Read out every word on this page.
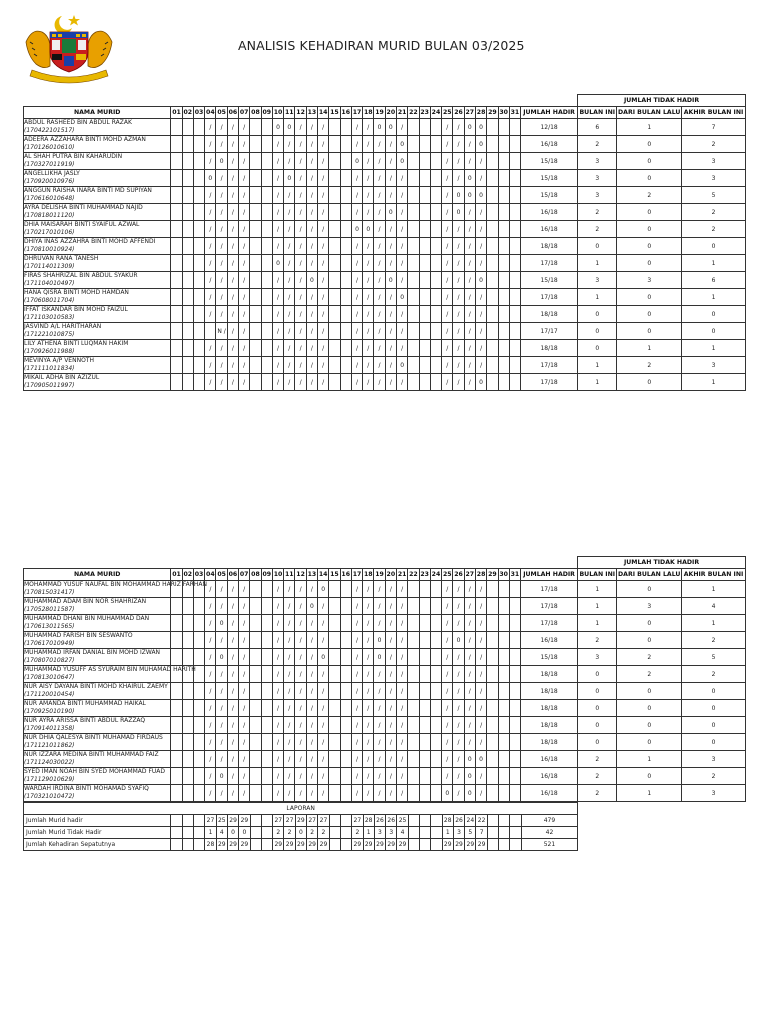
ANALISIS KEHADIRAN MURID BULAN 03/2025
																																	JUMLAH TIDAK HADIR		
NAMA MURID	01	02	03	04	05	06	07	08	09	10	11	12	13	14	15	16	17	18	19	20	21	22	23	24	25	26	27	28	29	30	31	JUMLAH HADIR	BULAN INI	DARI BULAN LALU	AKHIR BULAN INI

ABDUL RASHEED BIN ABDUL RAZAK
(170422101517)				/	/	/	/			0	0	/	/	/			/	/	0	0	/				/	/	0	0				12/18	6	1	7

ADEERA AZZAHARA BINTI MOHD AZMAN
(170126010610)				/	/	/	/			/	/	/	/	/			/	/	/	/	0				/	/	/	0				16/18	2	0	2

AL SHAH PUTRA BIN KAHARUDIN
(170327011919)				/	0	/	/			/	/	/	/	/			0	/	/	/	0				/	/	/	/				15/18	3	0	3

ANGELLIKHA JASLY
(170920010976)				0	/	/	/			/	0	/	/	/			/	/	/	/	/				/	/	0	/				15/18	3	0	3

ANGGUN RAISHA INARA BINTI MD SUPIYAN
(170616010648)				/	/	/	/			/	/	/	/	/			/	/	/	/	/				/	0	0	0				15/18	3	2	5

AYRA DELISHA BINTI MUHAMMAD NAJID
(170818011120)				/	/	/	/			/	/	/	/	/			/	/	/	0	/				/	0	/	/				16/18	2	0	2

DHIA MAISARAH BINTI SYAIFUL AZWAL
(170217010106)				/	/	/	/			/	/	/	/	/			0	0	/	/	/				/	/	/	/				16/18	2	0	2

DHIYA INAS AZZAHRA BINTI MOHD AFFENDI
(170810010924)				/	/	/	/			/	/	/	/	/			/	/	/	/	/				/	/	/	/				18/18	0	0	0

DHRUVAN RANA TANESH
(170114011309)				/	/	/	/			0	/	/	/	/			/	/	/	/	/				/	/	/	/				17/18	1	0	1

FIRAS SHAHRIZAL BIN ABDUL SYAKUR
(171104010497)				/	/	/	/			/	/	/	0	/			/	/	/	0	/				/	/	/	0				15/18	3	3	6

HANA QISRA BINTI MOHD HAMDAN
(170608011704)				/	/	/	/			/	/	/	/	/			/	/	/	/	0				/	/	/	/				17/18	1	0	1

IFFAT ISKANDAR BIN MOHD FAIZUL
(171103010583)				/	/	/	/			/	/	/	/	/			/	/	/	/	/				/	/	/	/				18/18	0	0	0

JASVIND A/L HARITHARAN
(171221010875)					N /	/	/			/	/	/	/	/			/	/	/	/	/				/	/	/	/				17/17	0	0	0

LILY ATHENA BINTI LUQMAN HAKIM
(170926011988)				/	/	/	/			/	/	/	/	/			/	/	/	/	/				/	/	/	/				18/18	0	1	1

MEVINYA A/P VENNOTH
(171111011834)				/	/	/	/			/	/	/	/	/			/	/	/	/	0				/	/	/	/				17/18	1	2	3

MIKAIL ADHA BIN AZIZUL
(170905011997)				/	/	/	/			/	/	/	/	/			/	/	/	/	/				/	/	/	0				17/18	1	0	1
																																	JUMLAH TIDAK HADIR		
NAMA MURID	01	02	03	04	05	06	07	08	09	10	11	12	13	14	15	16	17	18	19	20	21	22	23	24	25	26	27	28	29	30	31	JUMLAH HADIR	BULAN INI	DARI BULAN LALU	AKHIR BULAN INI

MOHAMMAD YUSUF NAUFAL BIN MOHAMMAD HARIZ FARHAN
(170815031417)				/	/	/	/			/	/	/	/	0			/	/	/	/	/				/	/	/	/				17/18	1	0	1

MUHAMMAD ADAM BIN NOR SHAHRIZAN
(170528011587)				/	/	/	/			/	/	/	0	/			/	/	/	/	/				/	/	/	/				17/18	1	3	4

MUHAMMAD DHANI BIN MUHAMMAD DAN
(170613011565)				/	0	/	/			/	/	/	/	/			/	/	/	/	/				/	/	/	/				17/18	1	0	1

MUHAMMAD FARISH BIN SESWANTO
(170617010949)				/	/	/	/			/	/	/	/	/			/	/	0	/	/				/	0	/	/				16/18	2	0	2

MUHAMMAD IRFAN DANIAL BIN MOHD IZWAN
(170807010827)				/	0	/	/			/	/	/	/	0			/	/	0	/	/				/	/	/	/				15/18	3	2	5

MUHAMMAD YUSUFF AS SYURAIM BIN MUHAMAD HARITH
(170813010647)				/	/	/	/			/	/	/	/	/			/	/	/	/	/				/	/	/	/				18/18	0	2	2

NUR AISY DAYANA BINTI MOHD KHAIRUL ZAEMY
(171120010454)				/	/	/	/			/	/	/	/	/			/	/	/	/	/				/	/	/	/				18/18	0	0	0

NUR AMANDA BINTI MUHAMMAD HAIKAL
(170925010190)				/	/	/	/			/	/	/	/	/			/	/	/	/	/				/	/	/	/				18/18	0	0	0

NUR AYRA ARISSA BINTI ABDUL RAZZAQ
(170914011358)				/	/	/	/			/	/	/	/	/			/	/	/	/	/				/	/	/	/				18/18	0	0	0

NUR DHIA QALESYA BINTI MUHAMAD FIRDAUS
(171121011862)				/	/	/	/			/	/	/	/	/			/	/	/	/	/				/	/	/	/				18/18	0	0	0

NUR IZZARA MEDINA BINTI MUHAMMAD FAIZ
(171124030022)				/	/	/	/			/	/	/	/	/			/	/	/	/	/				/	/	0	0				16/18	2	1	3

SYED IMAN NOAH BIN SYED MOHAMMAD FUAD
(171129010629)				/	0	/	/			/	/	/	/	/			/	/	/	/	/				/	/	0	/				16/18	2	0	2

WARDAH IRDINA BINTI MOHAMAD SYAFIQ
(170321010472)				/	/	/	/			/	/	/	/	/			/	/	/	/	/				0	/	0	/				16/18	2	1	3
LAPORAN																																	
Jumlah Murid hadir				27	25	29	29			27	27	29	27	27			27	28	26	26	25				28	26	24	22				479	
Jumlah Murid Tidak Hadir				1	4	0	0			2	2	0	2	2			2	1	3	3	4				1	3	5	7				42	
Jumlah Kehadiran Sepatutnya				28	29	29	29			29	29	29	29	29			29	29	29	29	29				29	29	29	29				521	
